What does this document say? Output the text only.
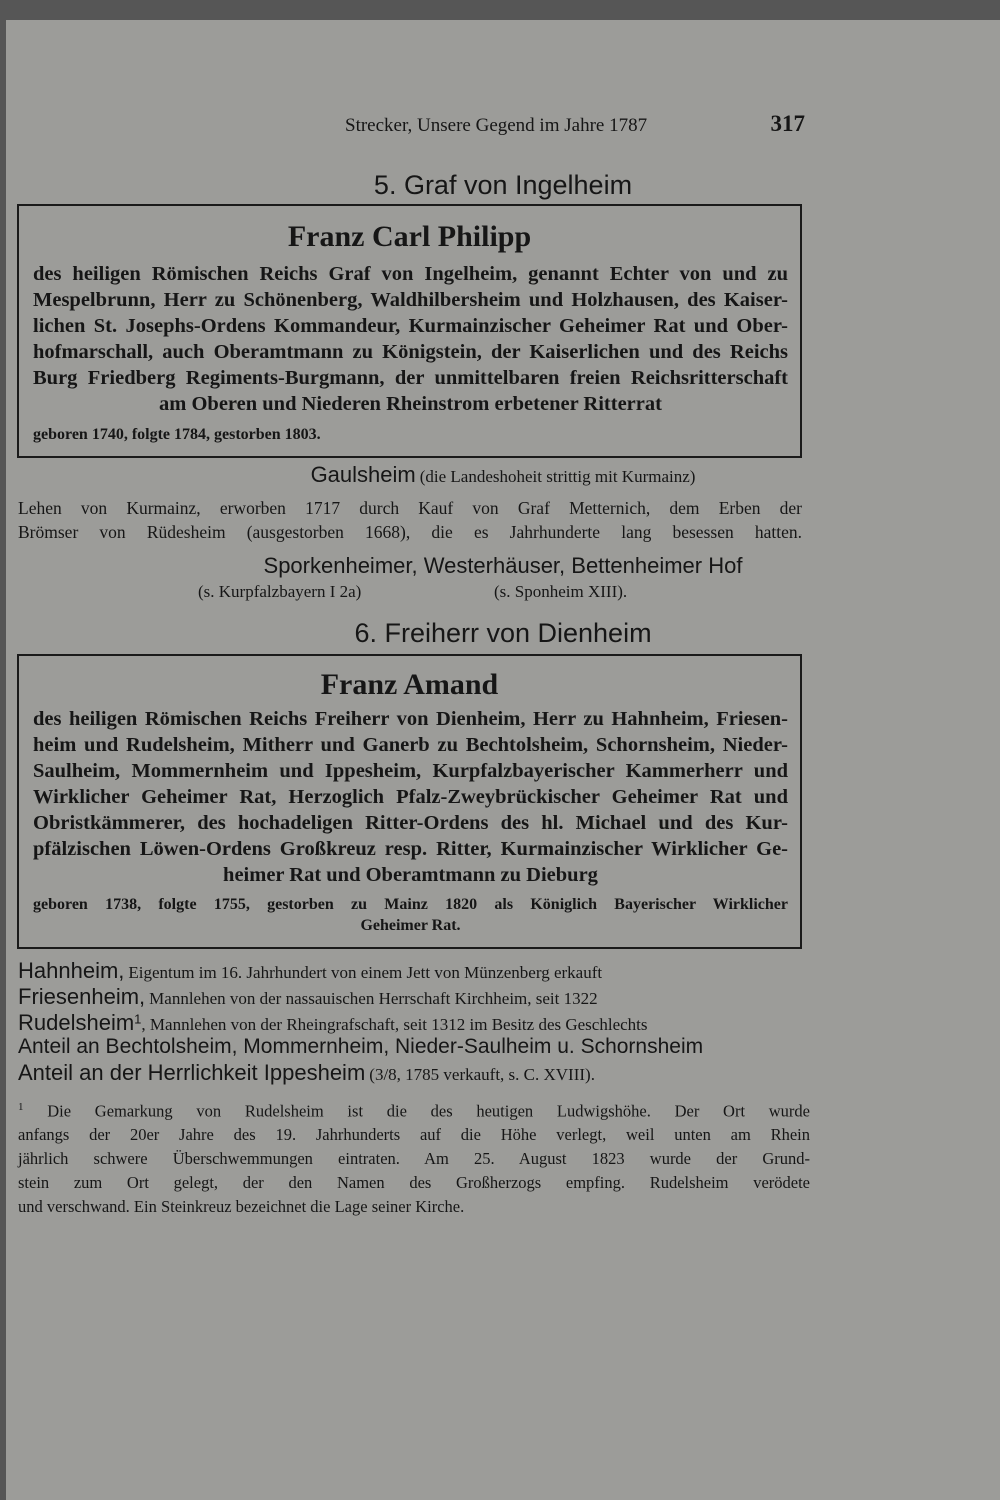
Strecker, Unsere Gegend im Jahre 1787	317
5. Graf von Ingelheim
Franz Carl Philipp
des heiligen Römischen Reichs Graf von Ingelheim, genannt Echter von und zu
Mespelbrunn, Herr zu Schönenberg, Waldhilbersheim und Holzhausen, des Kaiser-
lichen St. Josephs-Ordens Kommandeur, Kurmainzischer Geheimer Rat und Ober-
hofmarschall, auch Oberamtmann zu Königstein, der Kaiserlichen und des Reichs
Burg Friedberg Regiments-Burgmann, der unmittelbaren freien Reichsritterschaft
am Oberen und Niederen Rheinstrom erbetener Ritterrat
geboren 1740, folgte 1784, gestorben 1803.
Gaulsheim (die Landeshoheit strittig mit Kurmainz)
Lehen von Kurmainz, erworben 1717 durch Kauf von Graf Metternich, dem Erben der
Brömser von Rüdesheim (ausgestorben 1668), die es Jahrhunderte lang besessen hatten.
Sporkenheimer, Westerhäuser, Bettenheimer Hof
(s. Kurpfalzbayern I 2a)	(s. Sponheim XIII).
6. Freiherr von Dienheim
Franz Amand
des heiligen Römischen Reichs Freiherr von Dienheim, Herr zu Hahnheim, Friesen-
heim und Rudelsheim, Mitherr und Ganerb zu Bechtolsheim, Schornsheim, Nieder-
Saulheim, Mommernheim und Ippesheim, Kurpfalzbayerischer Kammerherr und
Wirklicher Geheimer Rat, Herzoglich Pfalz-Zweybrückischer Geheimer Rat und
Obristkämmerer, des hochadeligen Ritter-Ordens des hl. Michael und des Kur-
pfälzischen Löwen-Ordens Großkreuz resp. Ritter, Kurmainzischer Wirklicher Ge-
heimer Rat und Oberamtmann zu Dieburg
geboren 1738, folgte 1755, gestorben zu Mainz 1820 als Königlich Bayerischer Wirklicher
Geheimer Rat.
Hahnheim, Eigentum im 16. Jahrhundert von einem Jett von Münzenberg erkauft
Friesenheim, Mannlehen von der nassauischen Herrschaft Kirchheim, seit 1322
Rudelsheim$^1$, Mannlehen von der Rheingrafschaft, seit 1312 im Besitz des Geschlechts
Anteil an Bechtolsheim, Mommernheim, Nieder-Saulheim u. Schornsheim
Anteil an der Herrlichkeit Ippesheim (3/8, 1785 verkauft, s. C. XVIII).
$^1$ Die Gemarkung von Rudelsheim ist die des heutigen Ludwigshöhe. Der Ort wurde
anfangs der 20er Jahre des 19. Jahrhunderts auf die Höhe verlegt, weil unten am Rhein
jährlich schwere Überschwemmungen eintraten. Am 25. August 1823 wurde der Grund-
stein zum Ort gelegt, der den Namen des Großherzogs empfing. Rudelsheim verödete
und verschwand. Ein Steinkreuz bezeichnet die Lage seiner Kirche.
